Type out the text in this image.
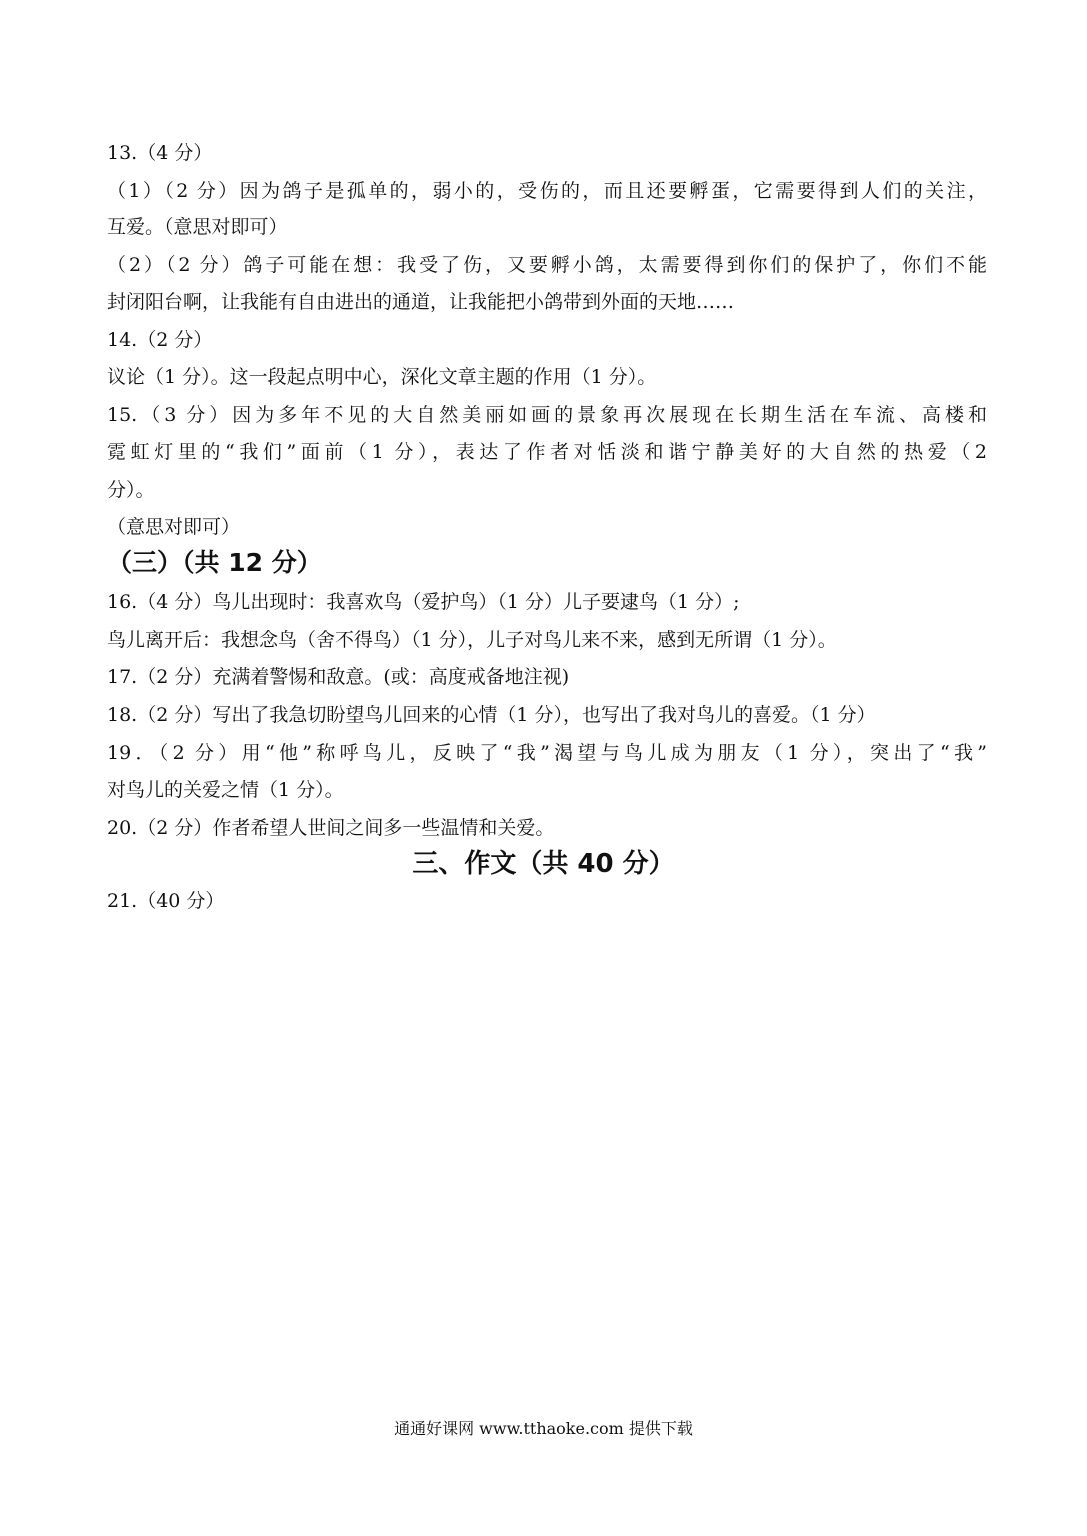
13.（4 分）
（1）（2 分）因为鸽子是孤单的，弱小的，受伤的，而且还要孵蛋，它需要得到人们的关注，
互爱。（意思对即可）
（2）（2 分）鸽子可能在想：我受了伤，又要孵小鸽，太需要得到你们的保护了，你们不能
封闭阳台啊，让我能有自由进出的通道，让我能把小鸽带到外面的天地……
14.（2 分）
议论（1 分）。这一段起点明中心，深化文章主题的作用（1 分）。
15.（3 分）因为多年不见的大自然美丽如画的景象再次展现在长期生活在车流、高楼和
霓虹灯里的“我们”面前（1 分），表达了作者对恬淡和谐宁静美好的大自然的热爱（2
分）。
（意思对即可）
（三）（共 12 分）
16.（4 分）鸟儿出现时：我喜欢鸟（爱护鸟）（1 分）儿子要逮鸟（1 分）;
鸟儿离开后：我想念鸟（舍不得鸟）（1 分），儿子对鸟儿来不来，感到无所谓（1 分）。
17.（2 分）充满着警惕和敌意。(或：高度戒备地注视)
18.（2 分）写出了我急切盼望鸟儿回来的心情（1 分），也写出了我对鸟儿的喜爱。（1 分）
19．（2 分）用“他”称呼鸟儿，反映了“我”渴望与鸟儿成为朋友（1 分），突出了“我”
对鸟儿的关爱之情（1 分）。
20.（2 分）作者希望人世间之间多一些温情和关爱。
三、作文（共 40 分）
21.（40 分）
通通好课网 www.tthaoke.com 提供下载
